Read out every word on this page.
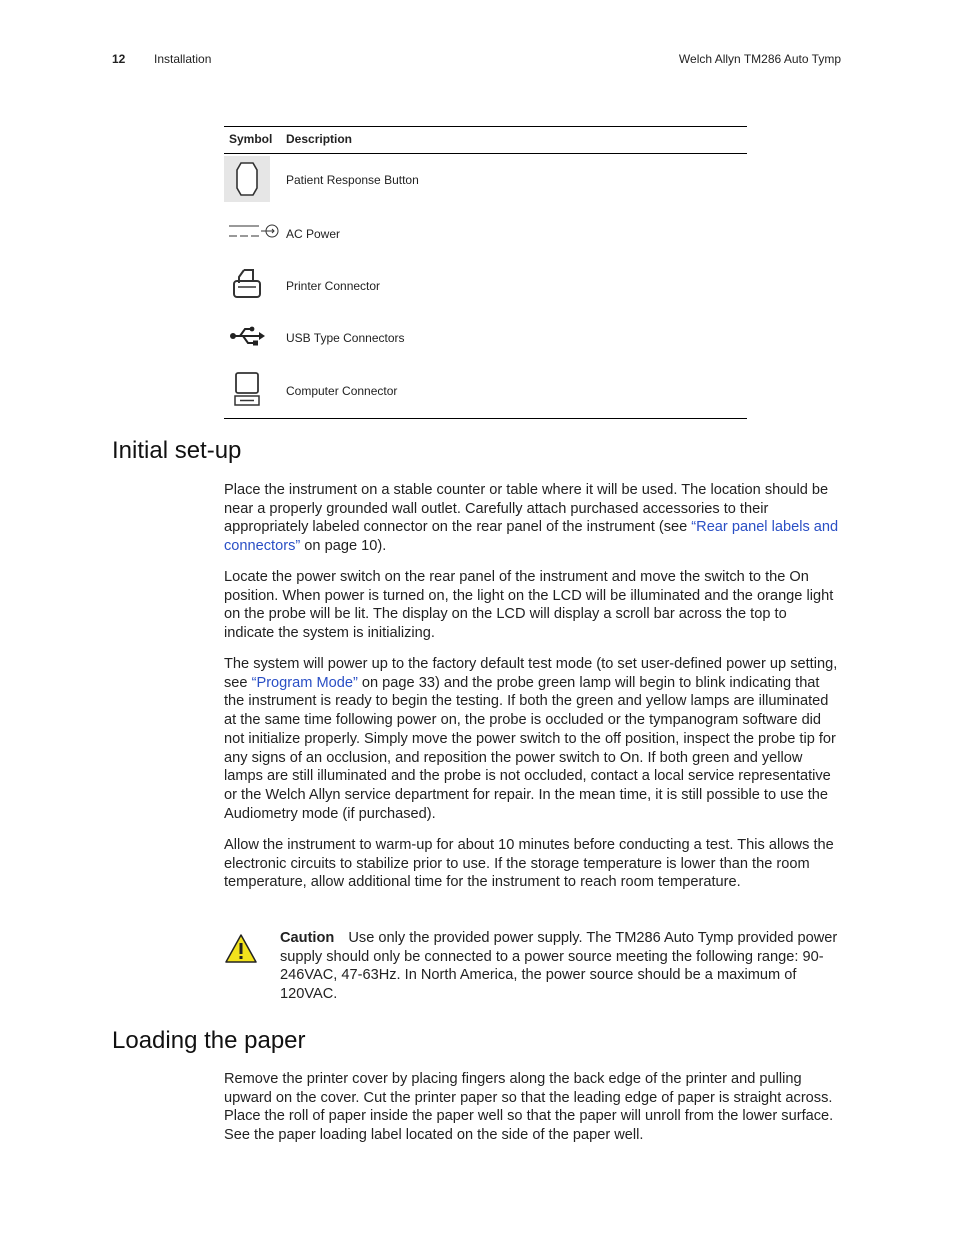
12 Installation	Welch Allyn TM286 Auto Tymp
Symbol Description
Patient Response Button
AC Power
Printer Connector
USB Type Connectors
Computer Connector
Initial set-up

Place the instrument on a stable counter or table where it will be used. The location should be near a properly grounded wall outlet. Carefully attach purchased accessories to their appropriately labeled connector on the rear panel of the instrument (see “Rear panel labels and connectors” on page 10).

Locate the power switch on the rear panel of the instrument and move the switch to the On position. When power is turned on, the light on the LCD will be illuminated and the orange light on the probe will be lit. The display on the LCD will display a scroll bar across the top to indicate the system is initializing.

The system will power up to the factory default test mode (to set user-defined power up setting, see “Program Mode” on page 33) and the probe green lamp will begin to blink indicating that the instrument is ready to begin the testing. If both the green and yellow lamps are illuminated at the same time following power on, the probe is occluded or the tympanogram software did not initialize properly. Simply move the power switch to the off position, inspect the probe tip for any signs of an occlusion, and reposition the power switch to On. If both green and yellow lamps are still illuminated and the probe is not occluded, contact a local service representative or the Welch Allyn service department for repair. In the mean time, it is still possible to use the Audiometry mode (if purchased).

Allow the instrument to warm-up for about 10 minutes before conducting a test. This allows the electronic circuits to stabilize prior to use. If the storage temperature is lower than the room temperature, allow additional time for the instrument to reach room temperature.

Caution Use only the provided power supply. The TM286 Auto Tymp provided power supply should only be connected to a power source meeting the following range: 90-246VAC, 47-63Hz. In North America, the power source should be a maximum of 120VAC.

Loading the paper

Remove the printer cover by placing fingers along the back edge of the printer and pulling upward on the cover. Cut the printer paper so that the leading edge of paper is straight across. Place the roll of paper inside the paper well so that the paper will unroll from the lower surface. See the paper loading label located on the side of the paper well.
